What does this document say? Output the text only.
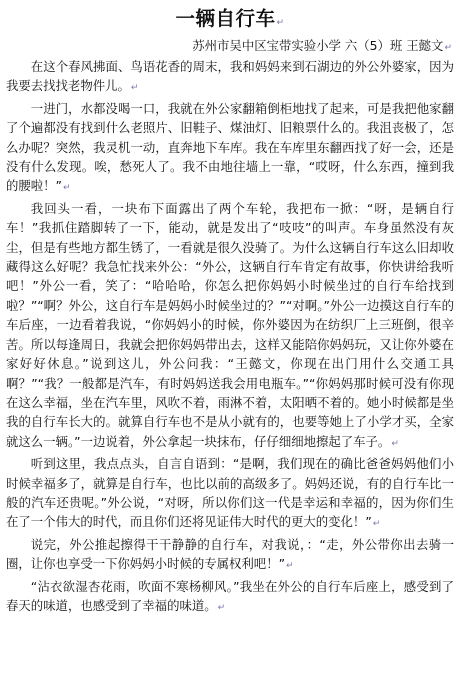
一辆自行车↵
苏州市吴中区宝带实验小学 六（5）班 王懿文↵

在这个春风拂面、鸟语花香的周末，我和妈妈来到石湖边的外公外婆家，因为我要去找找老物件儿。↵

一进门，水都没喝一口，我就在外公家翻箱倒柜地找了起来，可是我把他家翻了个遍都没有找到什么老照片、旧鞋子、煤油灯、旧粮票什么的。我沮丧极了，怎么办呢？突然，我灵机一动，直奔地下车库。我在车库里东翻西找了好一会，还是没有什么发现。唉，愁死人了。我不由地往墙上一靠，“哎呀，什么东西，撞到我的腰啦！”↵

我回头一看，一块布下面露出了两个车轮，我把布一掀：“呀，是辆自行车！”我抓住踏脚转了一下，能动，就是发出了“吱吱”的叫声。车身虽然没有灰尘，但是有些地方都生锈了，一看就是很久没骑了。为什么这辆自行车这么旧却收藏得这么好呢？我急忙找来外公：“外公，这辆自行车肯定有故事，你快讲给我听吧！”外公一看，笑了：“哈哈哈，你怎么把你妈妈小时候坐过的自行车给找到啦？”“啊？外公，这自行车是妈妈小时候坐过的？”“对啊。”外公一边摸这自行车的车后座，一边看着我说，“你妈妈小的时候，你外婆因为在纺织厂上三班倒，很辛苦。所以每逢周日，我就会把你妈妈带出去，这样又能陪你妈妈玩，又让你外婆在家好好休息。”说到这儿，外公问我：“王懿文，你现在出门用什么交通工具啊？”“我？一般都是汽车，有时妈妈送我会用电瓶车。”“你妈妈那时候可没有你现在这么幸福，坐在汽车里，风吹不着，雨淋不着，太阳晒不着的。她小时候都是坐我的自行车长大的。就算自行车也不是从小就有的，也要等她上了小学才买，全家就这么一辆。”一边说着，外公拿起一块抹布，仔仔细细地擦起了车子。↵

听到这里，我点点头，自言自语到：“是啊，我们现在的确比爸爸妈妈他们小时候幸福多了，就算是自行车，也比以前的高级多了。妈妈还说，有的自行车比一般的汽车还贵呢。”外公说，“对呀，所以你们这一代是幸运和幸福的，因为你们生在了一个伟大的时代，而且你们还将见证伟大时代的更大的变化！”↵

说完，外公推起擦得干干静静的自行车，对我说，：“走，外公带你出去骑一圈，让你也享受一下你妈妈小时候的专属权利吧！”↵

“沾衣欲湿杏花雨，吹面不寒杨柳风。”我坐在外公的自行车后座上，感受到了春天的味道，也感受到了幸福的味道。↵
